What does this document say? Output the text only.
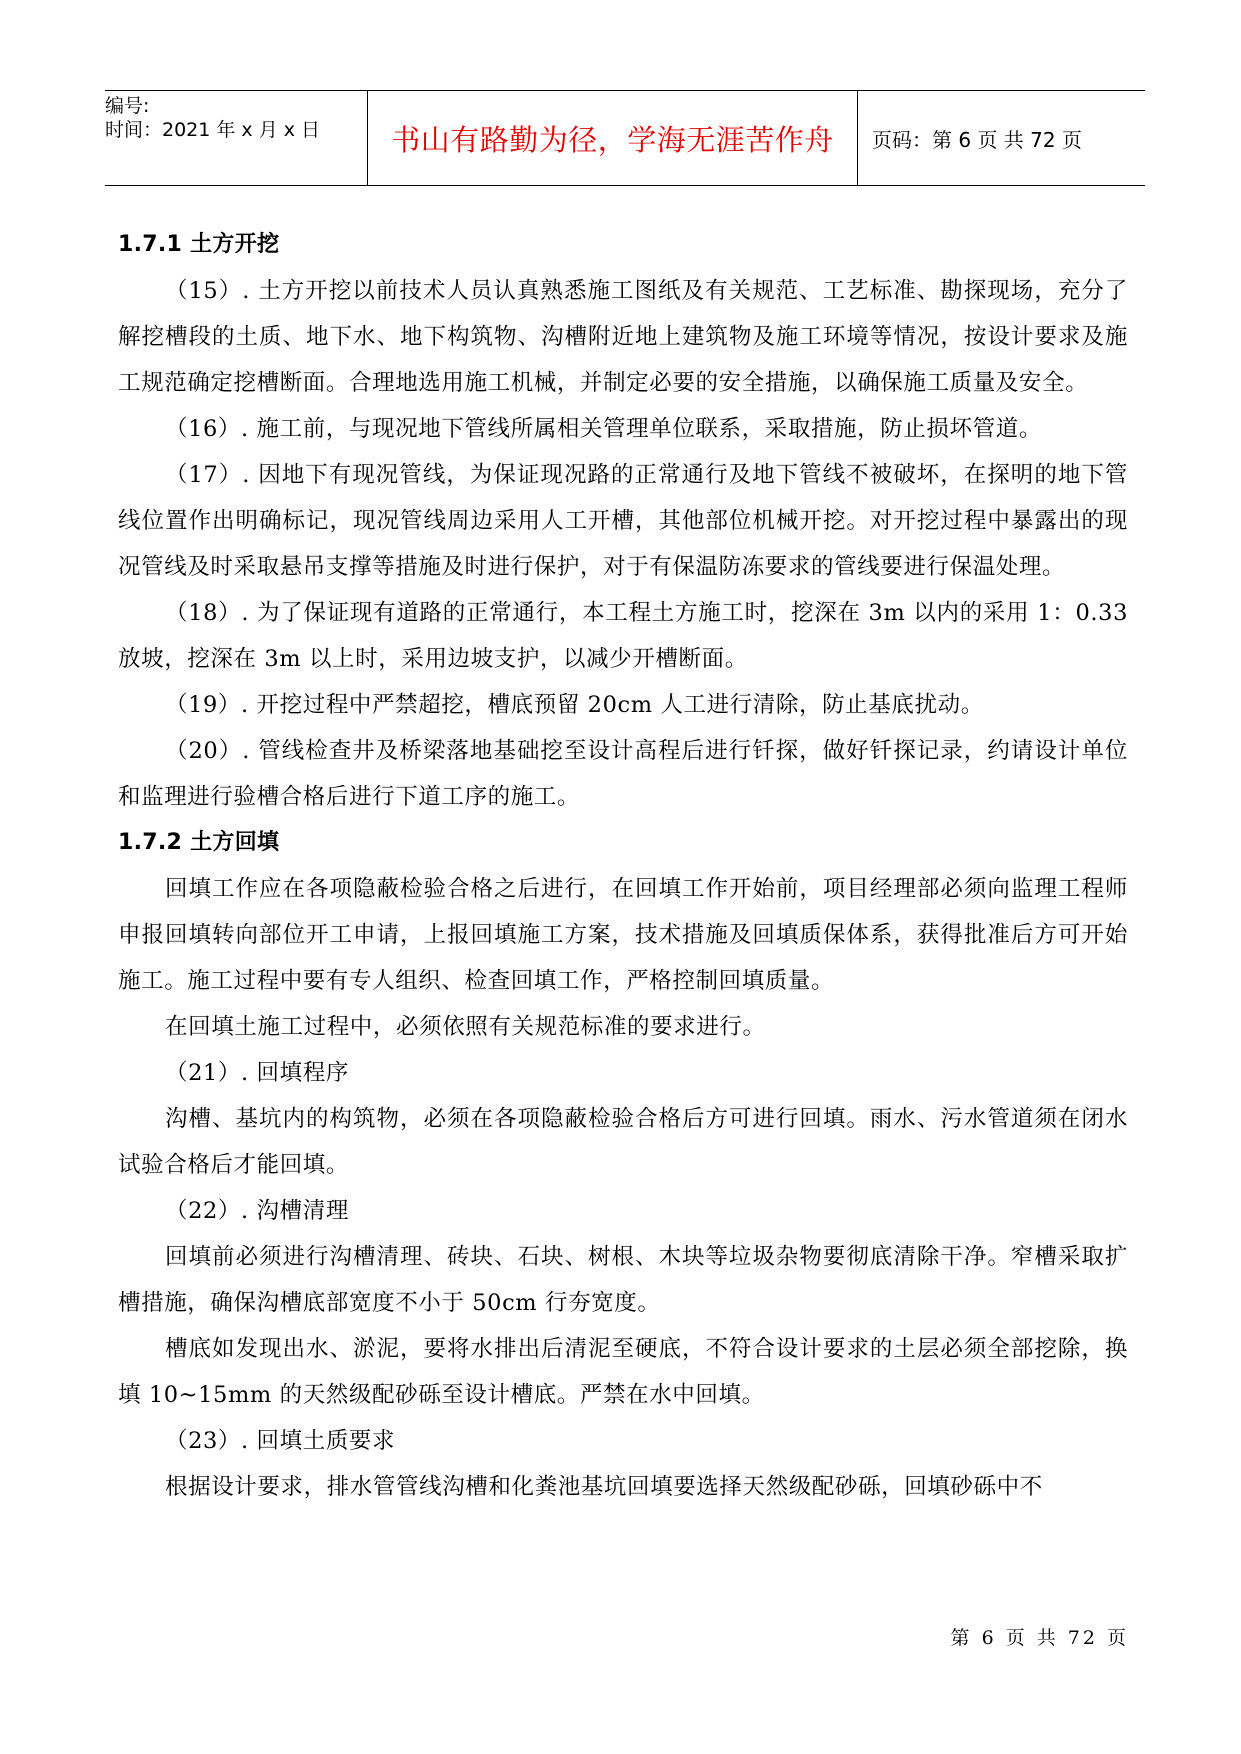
编号:
时间：2021 年 x 月 x 日	书山有路勤为径，学海无涯苦作舟	页码：第 6 页 共 72 页
1.7.1 土方开挖

（15）. 土方开挖以前技术人员认真熟悉施工图纸及有关规范、工艺标准、勘探现场，充分了解挖槽段的土质、地下水、地下构筑物、沟槽附近地上建筑物及施工环境等情况，按设计要求及施工规范确定挖槽断面。合理地选用施工机械，并制定必要的安全措施，以确保施工质量及安全。

（16）. 施工前，与现况地下管线所属相关管理单位联系，采取措施，防止损坏管道。

（17）. 因地下有现况管线，为保证现况路的正常通行及地下管线不被破坏，在探明的地下管线位置作出明确标记，现况管线周边采用人工开槽，其他部位机械开挖。对开挖过程中暴露出的现况管线及时采取悬吊支撑等措施及时进行保护，对于有保温防冻要求的管线要进行保温处理。

（18）. 为了保证现有道路的正常通行，本工程土方施工时，挖深在 3m 以内的采用 1：0.33 放坡，挖深在 3m 以上时，采用边坡支护，以减少开槽断面。

（19）. 开挖过程中严禁超挖，槽底预留 20cm 人工进行清除，防止基底扰动。

（20）. 管线检查井及桥梁落地基础挖至设计高程后进行钎探，做好钎探记录，约请设计单位和监理进行验槽合格后进行下道工序的施工。

1.7.2 土方回填

回填工作应在各项隐蔽检验合格之后进行，在回填工作开始前，项目经理部必须向监理工程师申报回填转向部位开工申请，上报回填施工方案，技术措施及回填质保体系，获得批准后方可开始施工。施工过程中要有专人组织、检查回填工作，严格控制回填质量。

在回填土施工过程中，必须依照有关规范标准的要求进行。

（21）. 回填程序

沟槽、基坑内的构筑物，必须在各项隐蔽检验合格后方可进行回填。雨水、污水管道须在闭水试验合格后才能回填。

（22）. 沟槽清理

回填前必须进行沟槽清理、砖块、石块、树根、木块等垃圾杂物要彻底清除干净。窄槽采取扩槽措施，确保沟槽底部宽度不小于 50cm 行夯宽度。

槽底如发现出水、淤泥，要将水排出后清泥至硬底，不符合设计要求的土层必须全部挖除，换填 10~15mm 的天然级配砂砾至设计槽底。严禁在水中回填。

（23）. 回填土质要求

根据设计要求，排水管管线沟槽和化粪池基坑回填要选择天然级配砂砾，回填砂砾中不

第 6 页 共 72 页
